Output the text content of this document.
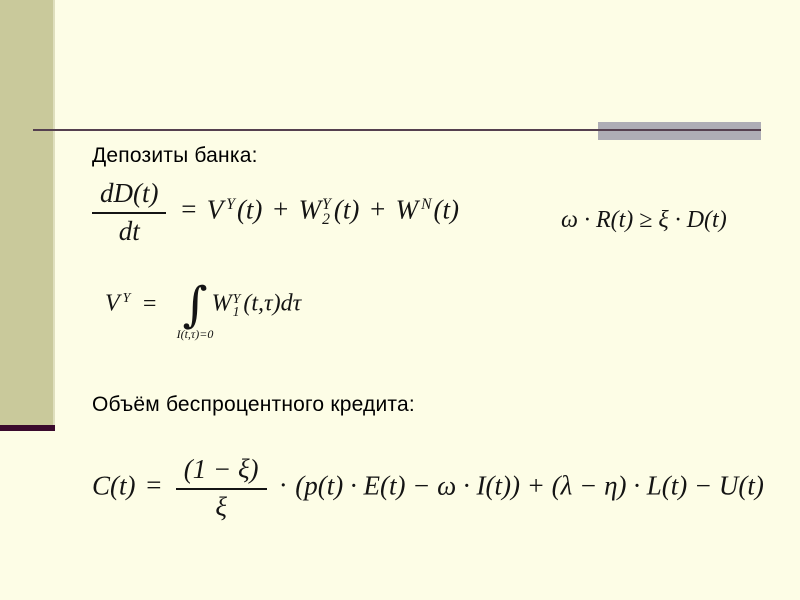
Депозиты банка:
$\frac{dD(t)}{dt} = V$ $^Y$(t) + W Y
2 (t) + W $^N$(t)	ω · R(t) ≥ ξ · D(t)
V $^Y$ = ∫
I(t,τ)=0
W Y
1 (t,τ)dτ
Объём беспроцентного кредита:
$C(t) = \frac{(1 - \xi)}{\xi} \cdot (p(t) \cdot E(t) - \omega \cdot I(t)) + (\lambda - \eta) \cdot L(t) - U(t)$
